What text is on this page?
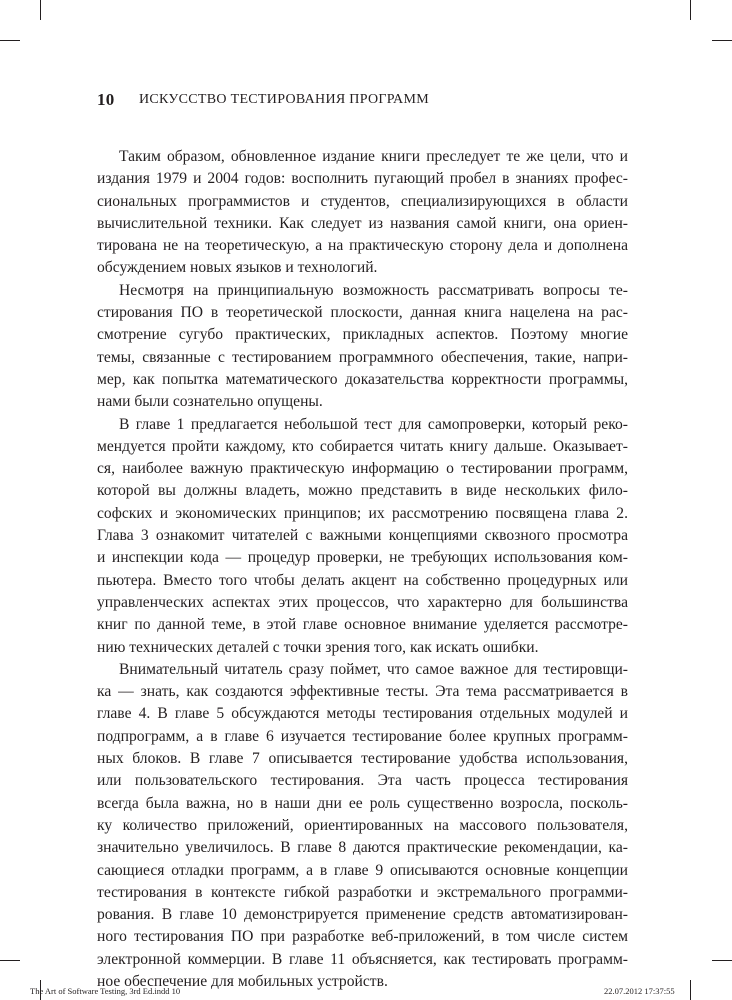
10 ИСКУССТВО ТЕСТИРОВАНИЯ ПРОГРАММ
Таким образом, обновленное издание книги преследует те же цели, что и
издания 1979 и 2004 годов: восполнить пугающий пробел в знаниях профес-
сиональных программистов и студентов, специализирующихся в области
вычислительной техники. Как следует из названия самой книги, она ориен-
тирована не на теоретическую, а на практическую сторону дела и дополнена
обсуждением новых языков и технологий.
Несмотря на принципиальную возможность рассматривать вопросы те-
стирования ПО в теоретической плоскости, данная книга нацелена на рас-
смотрение сугубо практических, прикладных аспектов. Поэтому многие
темы, связанные с тестированием программного обеспечения, такие, напри-
мер, как попытка математического доказательства корректности программы,
нами были сознательно опущены.
В главе 1 предлагается небольшой тест для самопроверки, который реко-
мендуется пройти каждому, кто собирается читать книгу дальше. Оказывает-
ся, наиболее важную практическую информацию о тестировании программ,
которой вы должны владеть, можно представить в виде нескольких фило-
софских и экономических принципов; их рассмотрению посвящена глава 2.
Глава 3 ознакомит читателей с важными концепциями сквозного просмотра
и инспекции кода — процедур проверки, не требующих использования ком-
пьютера. Вместо того чтобы делать акцент на собственно процедурных или
управленческих аспектах этих процессов, что характерно для большинства
книг по данной теме, в этой главе основное внимание уделяется рассмотре-
нию технических деталей с точки зрения того, как искать ошибки.
Внимательный читатель сразу поймет, что самое важное для тестировщи-
ка — знать, как создаются эффективные тесты. Эта тема рассматривается в
главе 4. В главе 5 обсуждаются методы тестирования отдельных модулей и
подпрограмм, а в главе 6 изучается тестирование более крупных программ-
ных блоков. В главе 7 описывается тестирование удобства использования,
или пользовательского тестирования. Эта часть процесса тестирования
всегда была важна, но в наши дни ее роль существенно возросла, посколь-
ку количество приложений, ориентированных на массового пользователя,
значительно увеличилось. В главе 8 даются практические рекомендации, ка-
сающиеся отладки программ, а в главе 9 описываются основные концепции
тестирования в контексте гибкой разработки и экстремального программи-
рования. В главе 10 демонстрируется применение средств автоматизирован-
ного тестирования ПО при разработке веб-приложений, в том числе систем
электронной коммерции. В главе 11 объясняется, как тестировать программ-
ное обеспечение для мобильных устройств.
The Art of Software Testing, 3rd Ed.indd 10	22.07.2012 17:37:55
